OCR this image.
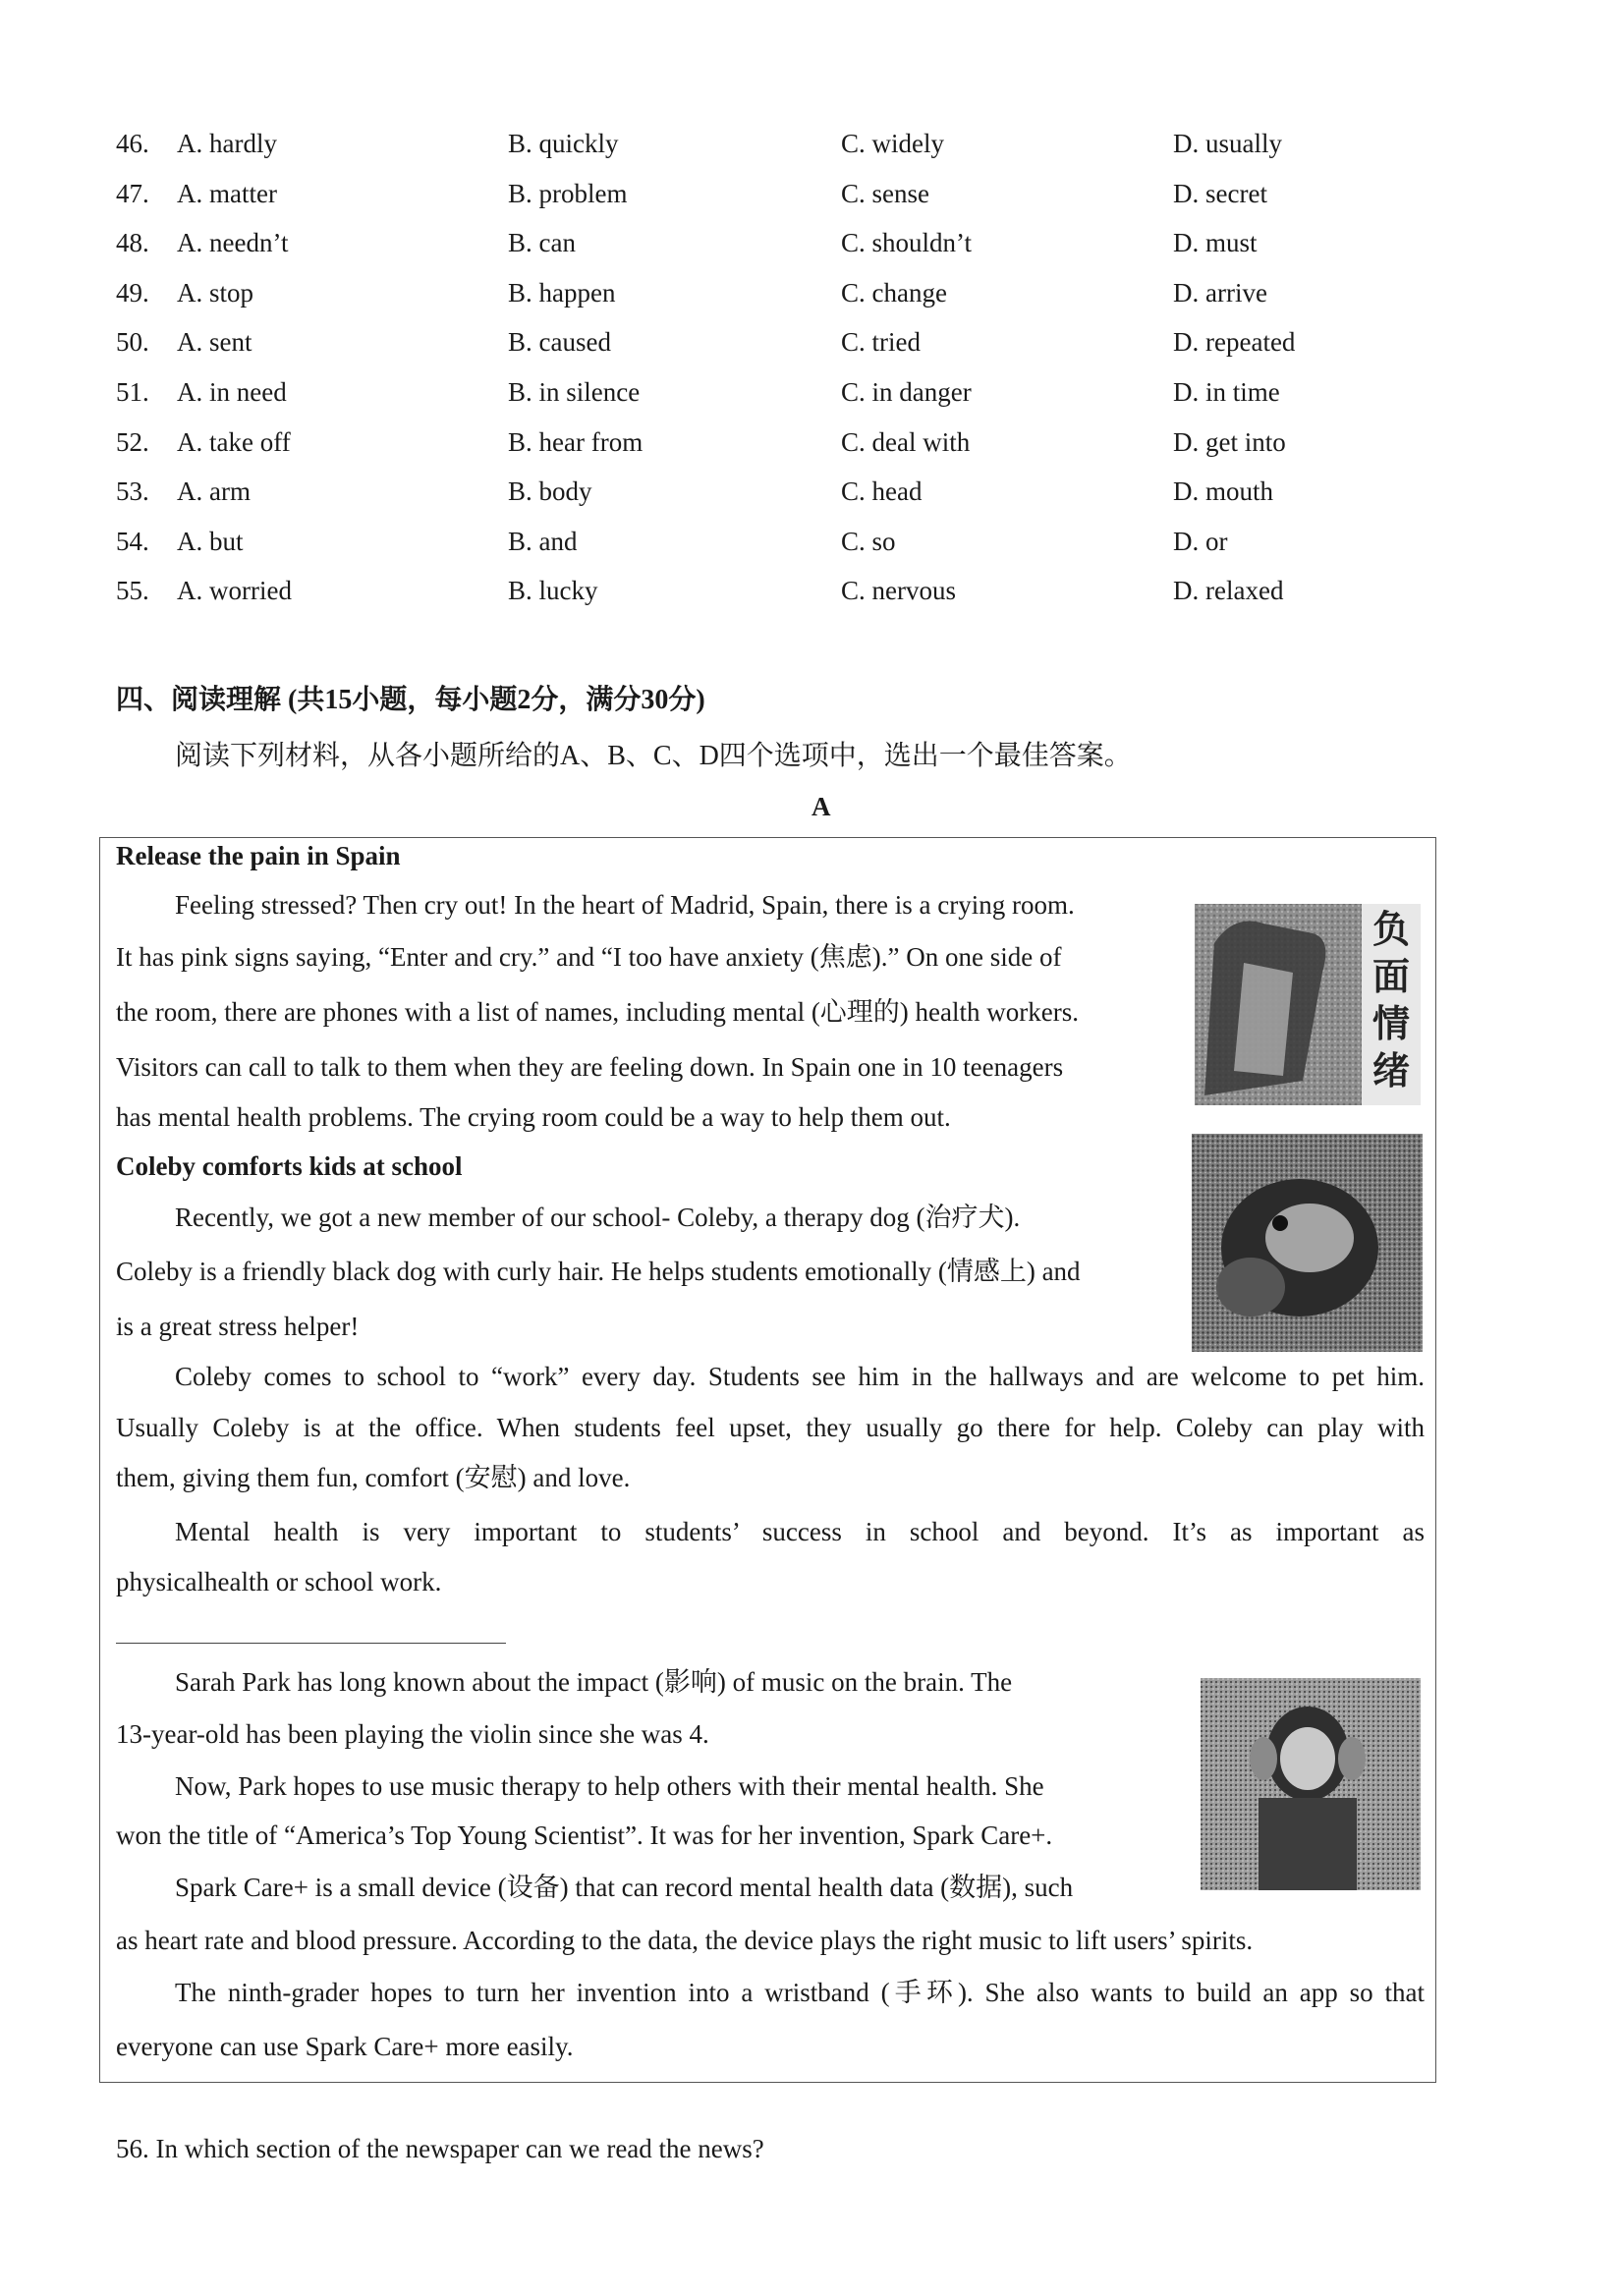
46. A. hardly	B. quickly	C. widely	D. usually
47. A. matter	B. problem	C. sense	D. secret
48. A. needn’t	B. can	C. shouldn’t	D. must
49. A. stop	B. happen	C. change	D. arrive
50. A. sent	B. caused	C. tried	D. repeated
51. A. in need	B. in silence	C. in danger	D. in time
52. A. take off	B. hear from	C. deal with	D. get into
53. A. arm	B. body	C. head	D. mouth
54. A. but	B. and	C. so	D. or
55. A. worried	B. lucky	C. nervous	D. relaxed
四、阅读理解 (共15小题，每小题2分，满分30分)
阅读下列材料，从各小题所给的A、B、C、D四个选项中，选出一个最佳答案。
A
Release the pain in Spain
Feeling stressed? Then cry out! In the heart of Madrid, Spain, there is a crying room.
It has pink signs saying, “Enter and cry.” and “I too have anxiety (焦虑).” On one side of
the room, there are phones with a list of names, including mental (心理的) health workers.
Visitors can call to talk to them when they are feeling down. In Spain one in 10 teenagers
has mental health problems. The crying room could be a way to help them out.
Coleby comforts kids at school
Recently, we got a new member of our school- Coleby, a therapy dog (治疗犬).
Coleby is a friendly black dog with curly hair. He helps students emotionally (情感上) and
is a great stress helper!
Coleby comes to school to “work” every day. Students see him in the hallways and are welcome to pet him.
Usually Coleby is at the office. When students feel upset, they usually go there for help. Coleby can play with
them, giving them fun, comfort (安慰) and love.
Mental health is very important to students’ success in school and beyond. It’s as important as
physicalhealth or school work.
Sarah Park has long known about the impact (影响) of music on the brain. The
13-year-old has been playing the violin since she was 4.
Now, Park hopes to use music therapy to help others with their mental health. She
won the title of “America’s Top Young Scientist”. It was for her invention, Spark Care+.
Spark Care+ is a small device (设备) that can record mental health data (数据), such
as heart rate and blood pressure. According to the data, the device plays the right music to lift users’ spirits.
The ninth-grader hopes to turn her invention into a wristband (手环). She also wants to build an app so that
everyone can use Spark Care+ more easily.
负面情绪
56. In which section of the newspaper can we read the news?
